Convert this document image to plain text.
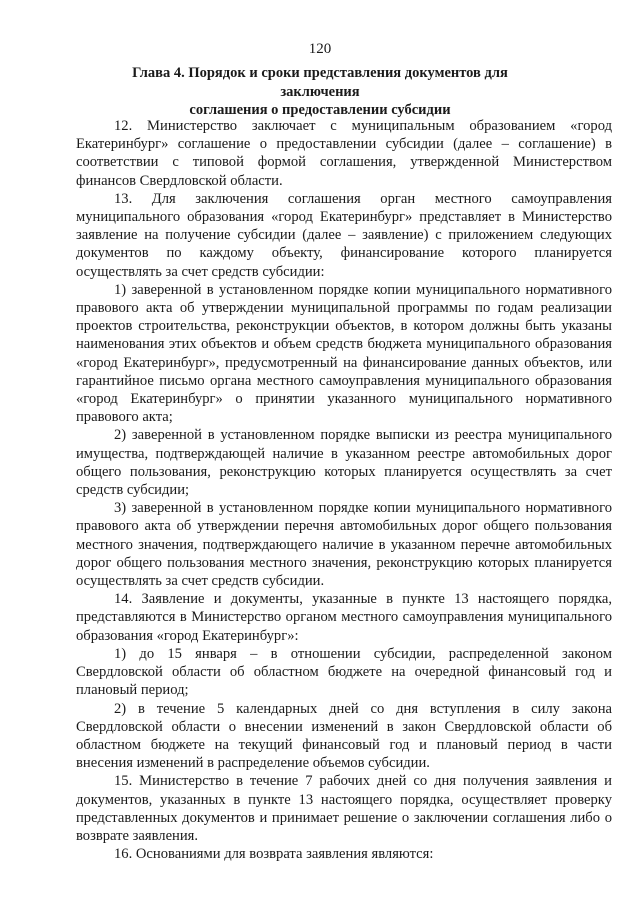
120
Глава 4. Порядок и сроки представления документов для заключения
соглашения о предоставлении субсидии

12. Министерство заключает с муниципальным образованием «город Екатеринбург» соглашение о предоставлении субсидии (далее – соглашение) в соответствии с типовой формой соглашения, утвержденной Министерством финансов Свердловской области.

13. Для заключения соглашения орган местного самоуправления муниципального образования «город Екатеринбург» представляет в Министерство заявление на получение субсидии (далее – заявление) с приложением следующих документов по каждому объекту, финансирование которого планируется осуществлять за счет средств субсидии:

1) заверенной в установленном порядке копии муниципального нормативного правового акта об утверждении муниципальной программы по годам реализации проектов строительства, реконструкции объектов, в котором должны быть указаны наименования этих объектов и объем средств бюджета муниципального образования «город Екатеринбург», предусмотренный на финансирование данных объектов, или гарантийное письмо органа местного самоуправления муниципального образования «город Екатеринбург» о принятии указанного муниципального нормативного правового акта;

2) заверенной в установленном порядке выписки из реестра муниципального имущества, подтверждающей наличие в указанном реестре автомобильных дорог общего пользования, реконструкцию которых планируется осуществлять за счет средств субсидии;

3) заверенной в установленном порядке копии муниципального нормативного правового акта об утверждении перечня автомобильных дорог общего пользования местного значения, подтверждающего наличие в указанном перечне автомобильных дорог общего пользования местного значения, реконструкцию которых планируется осуществлять за счет средств субсидии.

14. Заявление и документы, указанные в пункте 13 настоящего порядка, представляются в Министерство органом местного самоуправления муниципального образования «город Екатеринбург»:

1) до 15 января – в отношении субсидии, распределенной законом Свердловской области об областном бюджете на очередной финансовый год и плановый период;

2) в течение 5 календарных дней со дня вступления в силу закона Свердловской области о внесении изменений в закон Свердловской области об областном бюджете на текущий финансовый год и плановый период в части внесения изменений в распределение объемов субсидии.

15. Министерство в течение 7 рабочих дней со дня получения заявления и документов, указанных в пункте 13 настоящего порядка, осуществляет проверку представленных документов и принимает решение о заключении соглашения либо о возврате заявления.

16. Основаниями для возврата заявления являются:
